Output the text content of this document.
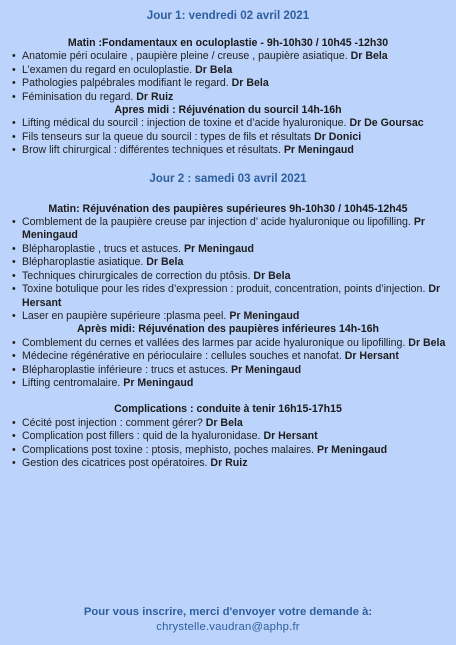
Jour 1: vendredi 02 avril 2021

Matin :Fondamentaux en oculoplastie - 9h-10h30 / 10h45 -12h30

• Anatomie péri oculaire , paupière pleine / creuse , paupière asiatique. Dr Bela
• L’examen du regard en oculoplastie. Dr Bela
• Pathologies palpébrales modifiant le regard. Dr Bela
• Féminisation du regard. Dr Ruiz

Apres midi : Réjuvénation du sourcil 14h-16h

• Lifting médical du sourcil : injection de toxine et d’acide hyaluronique. Dr De Goursac
• Fils tenseurs sur la queue du sourcil : types de fils et résultats Dr Donici
• Brow lift chirurgical : différentes techniques et résultats. Pr Meningaud
Jour 2 : samedi 03 avril 2021

Matin: Réjuvénation des paupières supérieures 9h-10h30 / 10h45-12h45

• Comblement de la paupière creuse par injection d’ acide hyaluronique ou lipofilling. Pr Meningaud
• Blépharoplastie , trucs et astuces. Pr Meningaud
• Blépharoplastie asiatique. Dr Bela
• Techniques chirurgicales de correction du ptôsis. Dr Bela
• Toxine botulique pour les rides d’expression : produit, concentration, points d’injection. Dr Hersant
• Laser en paupière supérieure :plasma peel. Pr Meningaud

Après midi: Réjuvénation des paupières inférieures 14h-16h

• Comblement du cernes et vallées des larmes par acide hyaluronique ou lipofilling. Dr Bela
• Médecine régénérative en périoculaire : cellules souches et nanofat. Dr Hersant
• Blépharoplastie inférieure : trucs et astuces. Pr Meningaud
• Lifting centromalaire. Pr Meningaud

Complications : conduite à tenir 16h15-17h15

• Cécité post injection : comment gérer? Dr Bela
• Complication post fillers : quid de la hyaluronidase. Dr Hersant
• Complications post toxine : ptosis, mephisto, poches malaires. Pr Meningaud
• Gestion des cicatrices post opératoires. Dr Ruiz
Pour vous inscrire, merci d'envoyer votre demande à:
chrystelle.vaudran@aphp.fr
